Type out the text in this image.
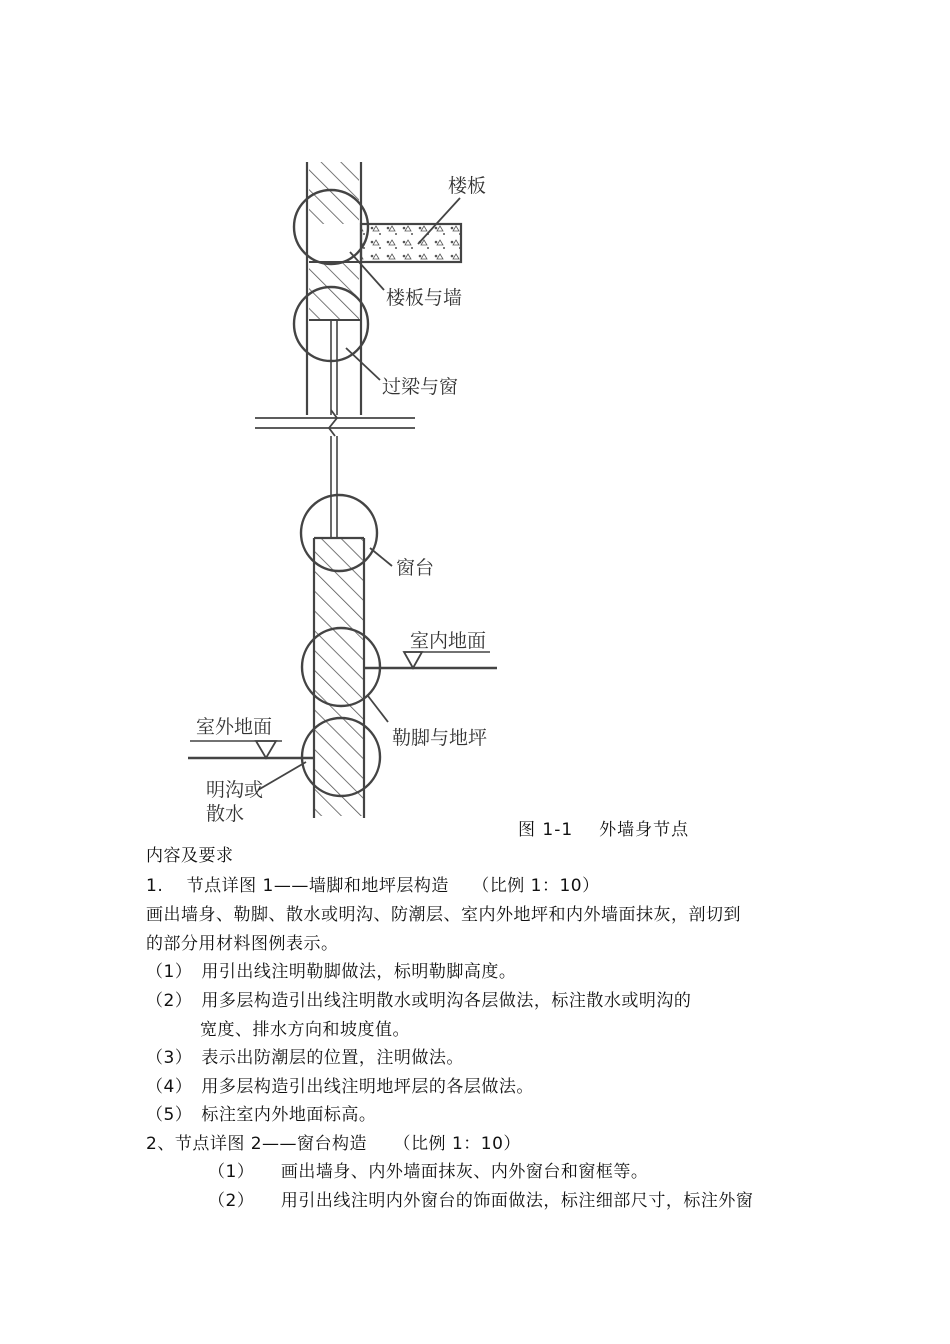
楼板
楼板与墙
过梁与窗
窗台
室内地面
勒脚与地坪
室外地面
明沟或
散水
图 1-1 外墙身节点
内容及要求
1.　 节点详图 1——墙脚和地坪层构造　 （比例 1：10）
画出墙身、勒脚、散水或明沟、防潮层、室内外地坪和内外墙面抹灰，剖切到
的部分用材料图例表示。
（1）　用引出线注明勒脚做法，标明勒脚高度。
（2）　用多层构造引出线注明散水或明沟各层做法，标注散水或明沟的
宽度、排水方向和坡度值。
（3）　表示出防潮层的位置，注明做法。
（4）　用多层构造引出线注明地坪层的各层做法。
（5）　标注室内外地面标高。
2、节点详图 2——窗台构造　　（比例 1：10）
（1）　　画出墙身、内外墙面抹灰、内外窗台和窗框等。
（2）　　用引出线注明内外窗台的饰面做法，标注细部尺寸，标注外窗
